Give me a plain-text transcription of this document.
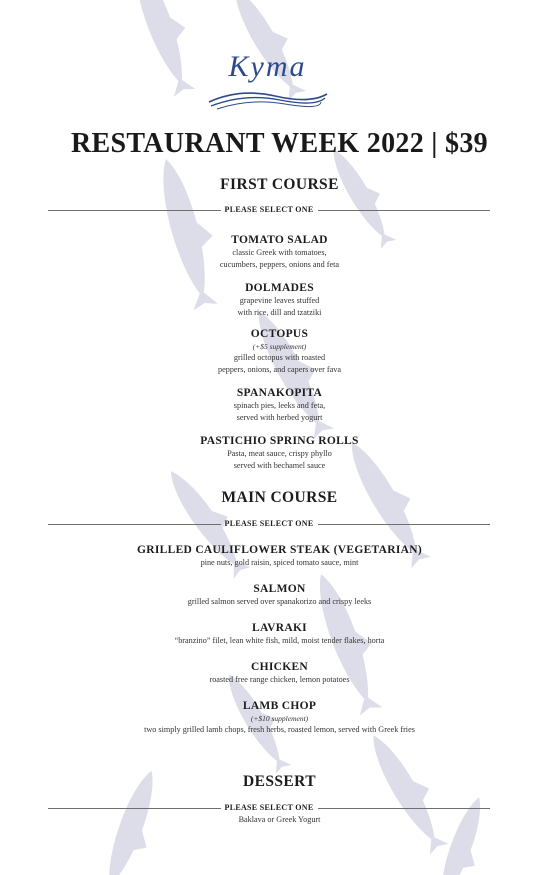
Kyma
RESTAURANT WEEK 2022 | $39
FIRST COURSE
PLEASE SELECT ONE
TOMATO SALAD
classic Greek with tomatoes,
cucumbers, peppers, onions and feta
DOLMADES
grapevine leaves stuffed
with rice, dill and tzatziki
OCTOPUS
(+$5 supplement)
grilled octopus with roasted
peppers, onions, and capers over fava
SPANAKOPITA
spinach pies, leeks and feta,
served with herbed yogurt
PASTICHIO SPRING ROLLS
Pasta, meat sauce, crispy phyllo
served with bechamel sauce
MAIN COURSE
PLEASE SELECT ONE
GRILLED CAULIFLOWER STEAK (VEGETARIAN)
pine nuts, gold raisin, spiced tomato sauce, mint
SALMON
grilled salmon served over spanakorizo and crispy leeks
LAVRAKI
“branzino” filet, lean white fish, mild, moist tender flakes, horta
CHICKEN
roasted free range chicken, lemon potatoes
LAMB CHOP
(+$10 supplement)
two simply grilled lamb chops, fresh herbs, roasted lemon, served with Greek fries
DESSERT
PLEASE SELECT ONE
Baklava or Greek Yogurt
